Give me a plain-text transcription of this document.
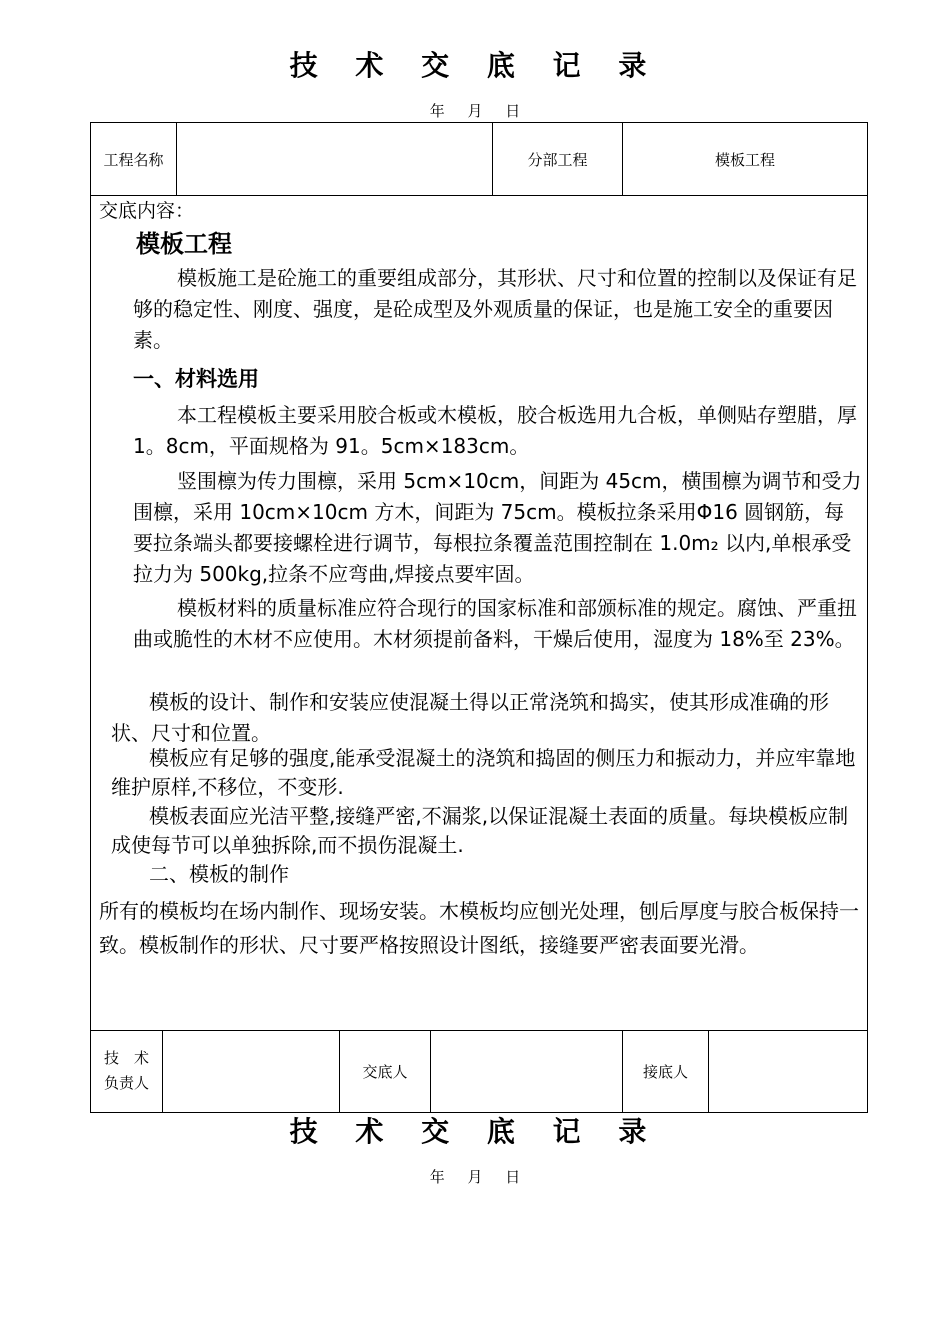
技 术 交 底 记 录
年 月 日
工程名称	分部工程	模板工程
交底内容：
模板工程

模板施工是砼施工的重要组成部分，其形状、尺寸和位置的控制以及保证有足够的稳定性、刚度、强度，是砼成型及外观质量的保证，也是施工安全的重要因素。

一、材料选用

本工程模板主要采用胶合板或木模板，胶合板选用九合板，单侧贴存塑腊，厚 1。8cm，平面规格为 91。5cm×183cm。

竖围檩为传力围檩，采用 5cm×10cm，间距为 45cm，横围檩为调节和受力围檩，采用 10cm×10cm 方木，间距为 75cm。模板拉条采用Φ16 圆钢筋，每要拉条端头都要接螺栓进行调节，每根拉条覆盖范围控制在 1.0m₂ 以内,单根承受拉力为 500kg,拉条不应弯曲,焊接点要牢固。

模板材料的质量标准应符合现行的国家标准和部颁标准的规定。腐蚀、严重扭曲或脆性的木材不应使用。木材须提前备料，干燥后使用，湿度为 18%至 23%。

模板的设计、制作和安装应使混凝土得以正常浇筑和捣实，使其形成准确的形状、尺寸和位置。

模板应有足够的强度,能承受混凝土的浇筑和捣固的侧压力和振动力，并应牢靠地维护原样,不移位，不变形.

模板表面应光洁平整,接缝严密,不漏浆,以保证混凝土表面的质量。每块模板应制成使每节可以单独拆除,而不损伤混凝土.

二、模板的制作

所有的模板均在场内制作、现场安装。木模板均应刨光处理，刨后厚度与胶合板保持一致。模板制作的形状、尺寸要严格按照设计图纸，接缝要严密表面要光滑。

技　术
负责人
交底人	接底人
技 术 交 底 记 录
年 月 日
